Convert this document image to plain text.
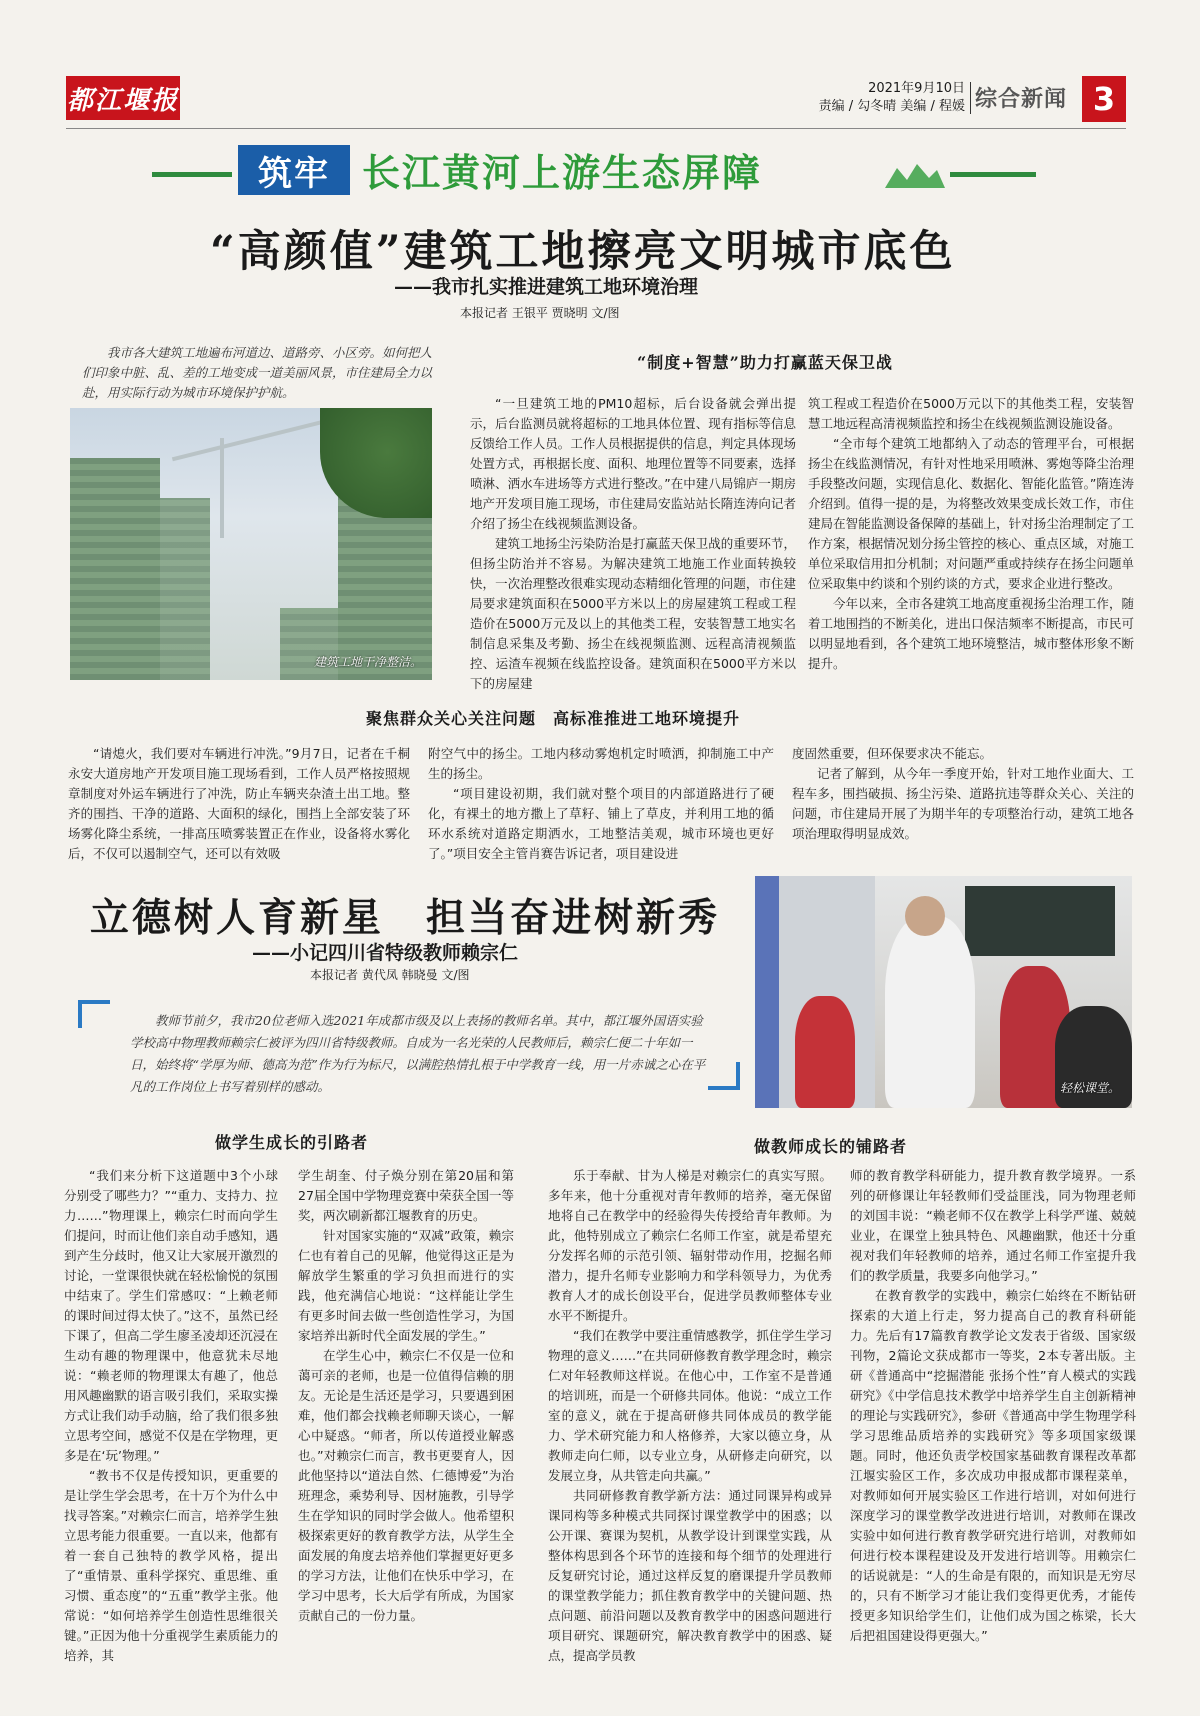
都江堰报	2021年9月10日
责编 / 勾冬晴 美编 / 程媛 综合新闻 3
筑牢 长江黄河上游生态屏障
“高颜值”建筑工地擦亮文明城市底色
——我市扎实推进建筑工地环境治理
本报记者 王银平 贾晓明 文/图
我市各大建筑工地遍布河道边、道路旁、小区旁。如何把人们印象中脏、乱、差的工地变成一道美丽风景，市住建局全力以赴，用实际行动为城市环境保护护航。
建筑工地干净整洁。
“制度+智慧”助力打赢蓝天保卫战

“一旦建筑工地的PM10超标，后台设备就会弹出提示，后台监测员就将超标的工地具体位置、现有指标等信息反馈给工作人员。工作人员根据提供的信息，判定具体现场处置方式，再根据长度、面积、地理位置等不同要素，选择喷淋、洒水车进场等方式进行整改。”在中建八局锦庐一期房地产开发项目施工现场，市住建局安监站站长隋连涛向记者介绍了扬尘在线视频监测设备。

建筑工地扬尘污染防治是打赢蓝天保卫战的重要环节，但扬尘防治并不容易。为解决建筑工地施工作业面转换较快，一次治理整改很难实现动态精细化管理的问题，市住建局要求建筑面积在5000平方米以上的房屋建筑工程或工程造价在5000万元及以上的其他类工程，安装智慧工地实名制信息采集及考勤、扬尘在线视频监测、远程高清视频监控、运渣车视频在线监控设备。建筑面积在5000平方米以下的房屋建

筑工程或工程造价在5000万元以下的其他类工程，安装智慧工地远程高清视频监控和扬尘在线视频监测设施设备。

“全市每个建筑工地都纳入了动态的管理平台，可根据扬尘在线监测情况，有针对性地采用喷淋、雾炮等降尘治理手段整改问题，实现信息化、数据化、智能化监管。”隋连涛介绍到。值得一提的是，为将整改效果变成长效工作，市住建局在智能监测设备保障的基础上，针对扬尘治理制定了工作方案，根据情况划分扬尘管控的核心、重点区域，对施工单位采取信用扣分机制；对问题严重或持续存在扬尘问题单位采取集中约谈和个别约谈的方式，要求企业进行整改。

今年以来，全市各建筑工地高度重视扬尘治理工作，随着工地围挡的不断美化，进出口保洁频率不断提高，市民可以明显地看到，各个建筑工地环境整洁，城市整体形象不断提升。

聚焦群众关心关注问题　高标准推进工地环境提升

“请熄火，我们要对车辆进行冲洗。”9月7日，记者在千桐永安大道房地产开发项目施工现场看到，工作人员严格按照规章制度对外运车辆进行了冲洗，防止车辆夹杂渣土出工地。整齐的围挡、干净的道路、大面积的绿化，围挡上全部安装了环场雾化降尘系统，一排高压喷雾装置正在作业，设备将水雾化后，不仅可以遏制空气，还可以有效吸

附空气中的扬尘。工地内移动雾炮机定时喷洒，抑制施工中产生的扬尘。

“项目建设初期，我们就对整个项目的内部道路进行了硬化，有裸土的地方撒上了草籽、铺上了草皮，并利用工地的循环水系统对道路定期洒水，工地整洁美观，城市环境也更好了。”项目安全主管肖赛告诉记者，项目建设进

度固然重要，但环保要求决不能忘。

记者了解到，从今年一季度开始，针对工地作业面大、工程车多，围挡破损、扬尘污染、道路抗违等群众关心、关注的问题，市住建局开展了为期半年的专项整治行动，建筑工地各项治理取得明显成效。

立德树人育新星　担当奋进树新秀
——小记四川省特级教师赖宗仁
本报记者 黄代凤 韩晓曼 文/图
教师节前夕，我市20位老师入选2021年成都市级及以上表扬的教师名单。其中，都江堰外国语实验学校高中物理教师赖宗仁被评为四川省特级教师。自成为一名光荣的人民教师后，赖宗仁便二十年如一日，始终将“学厚为师、德高为范”作为行为标尺，以满腔热情扎根于中学教育一线，用一片赤诚之心在平凡的工作岗位上书写着别样的感动。	轻松课堂。
做学生成长的引路者	做教师成长的铺路者

“我们来分析下这道题中3个小球分别受了哪些力？”“重力、支持力、拉力……”物理课上，赖宗仁时而向学生们提问，时而让他们亲自动手感知，遇到产生分歧时，他又让大家展开激烈的讨论，一堂课很快就在轻松愉悦的氛围中结束了。学生们常感叹：“上赖老师的课时间过得太快了。”这不，虽然已经下课了，但高二学生廖圣凌却还沉浸在生动有趣的物理课中，他意犹未尽地说：“赖老师的物理课太有趣了，他总用风趣幽默的语言吸引我们，采取实操方式让我们动手动脑，给了我们很多独立思考空间，感觉不仅是在学物理，更多是在‘玩’物理。”

“教书不仅是传授知识，更重要的是让学生学会思考，在十万个为什么中找寻答案。”对赖宗仁而言，培养学生独立思考能力很重要。一直以来，他都有着一套自己独特的教学风格，提出了“重情景、重科学探究、重思维、重习惯、重态度”的“五重”教学主张。他常说：“如何培养学生创造性思维很关键。”正因为他十分重视学生素质能力的培养，其

学生胡奎、付子焕分别在第20届和第27届全国中学物理竞赛中荣获全国一等奖，两次刷新都江堰教育的历史。

针对国家实施的“双减”政策，赖宗仁也有着自己的见解，他觉得这正是为解放学生繁重的学习负担而进行的实践，他充满信心地说：“这样能让学生有更多时间去做一些创造性学习，为国家培养出新时代全面发展的学生。”

在学生心中，赖宗仁不仅是一位和蔼可亲的老师，也是一位值得信赖的朋友。无论是生活还是学习，只要遇到困难，他们都会找赖老师聊天谈心，一解心中疑惑。“师者，所以传道授业解惑也。”对赖宗仁而言，教书更要育人，因此他坚持以“道法自然、仁德博爱”为治班理念，乘势利导、因材施教，引导学生在学知识的同时学会做人。他希望积极探索更好的教育教学方法，从学生全面发展的角度去培养他们掌握更好更多的学习方法，让他们在快乐中学习，在学习中思考，长大后学有所成，为国家贡献自己的一份力量。

乐于奉献、甘为人梯是对赖宗仁的真实写照。多年来，他十分重视对青年教师的培养，毫无保留地将自己在教学中的经验得失传授给青年教师。为此，他特别成立了赖宗仁名师工作室，就是希望充分发挥名师的示范引领、辐射带动作用，挖掘名师潜力，提升名师专业影响力和学科领导力，为优秀教育人才的成长创设平台，促进学员教师整体专业水平不断提升。

“我们在教学中要注重情感教学，抓住学生学习物理的意义……”在共同研修教育教学理念时，赖宗仁对年轻教师这样说。在他心中，工作室不是普通的培训班，而是一个研修共同体。他说：“成立工作室的意义，就在于提高研修共同体成员的教学能力、学术研究能力和人格修养，大家以德立身，从教师走向仁师，以专业立身，从研修走向研究，以发展立身，从共管走向共赢。”

共同研修教育教学新方法：通过同课异构或异课同构等多种模式共同探讨课堂教学中的困惑；以公开课、赛课为契机，从教学设计到课堂实践，从整体构思到各个环节的连接和每个细节的处理进行反复研究讨论，通过这样反复的磨课提升学员教师的课堂教学能力；抓住教育教学中的关键问题、热点问题、前沿问题以及教育教学中的困惑问题进行项目研究、课题研究，解决教育教学中的困惑、疑点，提高学员教

师的教育教学科研能力，提升教育教学境界。一系列的研修课让年轻教师们受益匪浅，同为物理老师的刘国丰说：“赖老师不仅在教学上科学严谨、兢兢业业，在课堂上独具特色、风趣幽默，他还十分重视对我们年轻教师的培养，通过名师工作室提升我们的教学质量，我要多向他学习。”

在教育教学的实践中，赖宗仁始终在不断钻研探索的大道上行走，努力提高自己的教育科研能力。先后有17篇教育教学论文发表于省级、国家级刊物，2篇论文获成都市一等奖，2本专著出版。主研《普通高中“挖掘潜能 张扬个性”育人模式的实践研究》《中学信息技术教学中培养学生自主创新精神的理论与实践研究》，参研《普通高中学生物理学科学习思维品质培养的实践研究》等多项国家级课题。同时，他还负责学校国家基础教育课程改革都江堰实验区工作，多次成功申报成都市课程菜单，对教师如何开展实验区工作进行培训，对如何进行深度学习的课堂教学改进进行培训，对教师在课改实验中如何进行教育教学研究进行培训，对教师如何进行校本课程建设及开发进行培训等。用赖宗仁的话说就是：“人的生命是有限的，而知识是无穷尽的，只有不断学习才能让我们变得更优秀，才能传授更多知识给学生们，让他们成为国之栋梁，长大后把祖国建设得更强大。”
